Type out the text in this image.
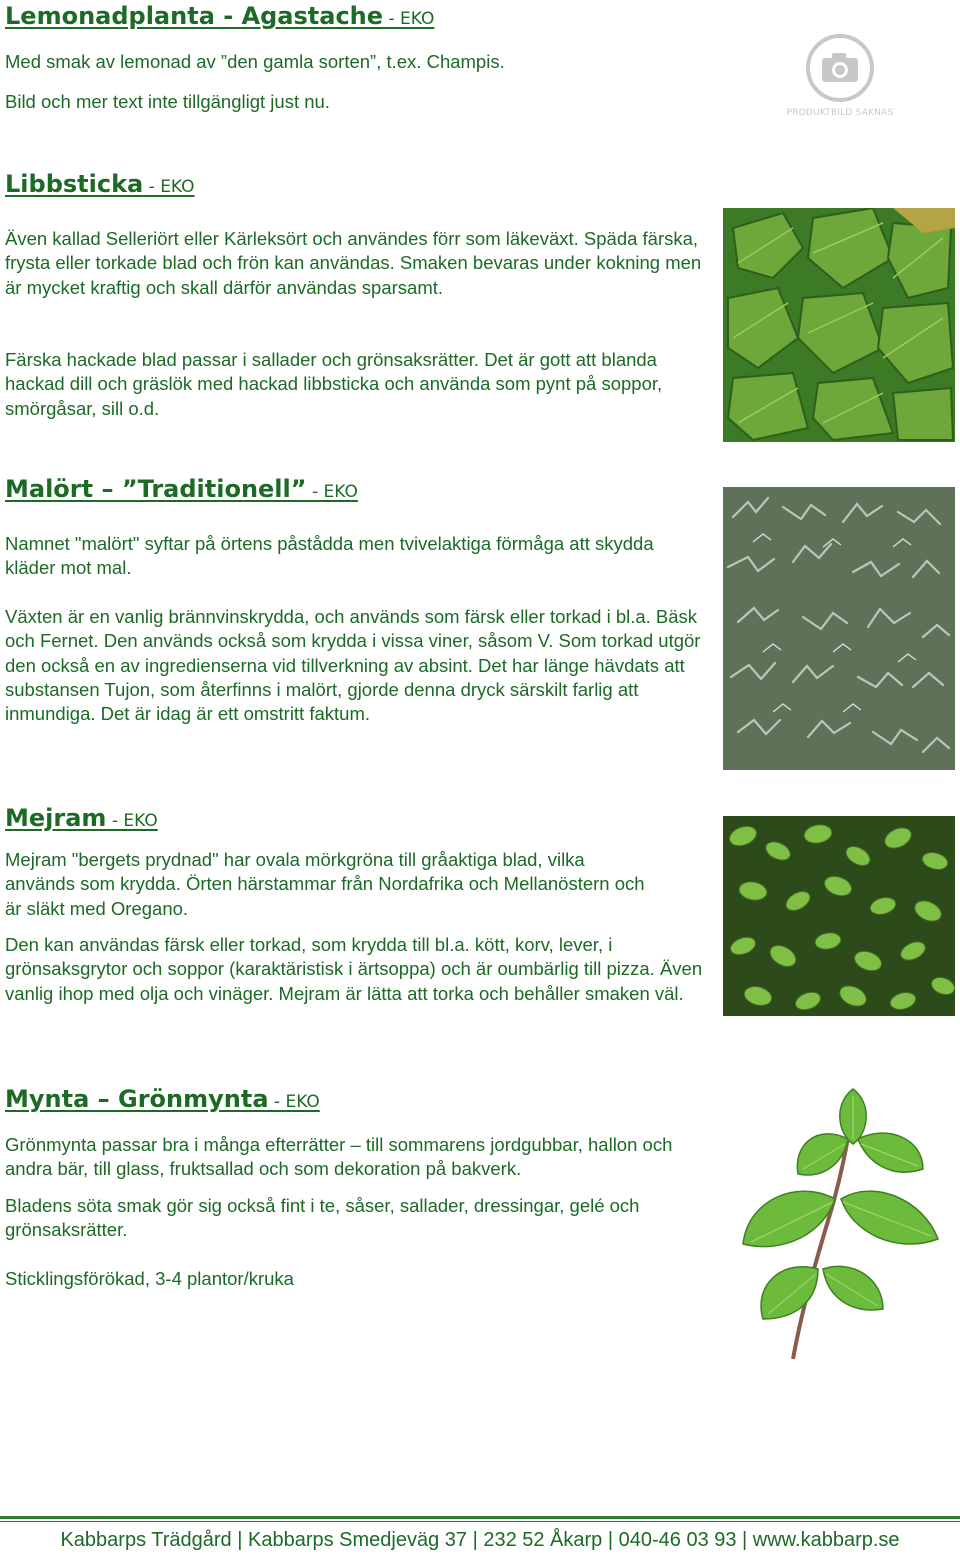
Lemonadplanta - Agastache - EKO
Med smak av lemonad av ”den gamla sorten”, t.ex. Champis.
Bild och mer text inte tillgängligt just nu.
PRODUKTBILD SAKNAS
Libbsticka - EKO
Även kallad Selleriört eller Kärleksört och användes förr som läkeväxt. Späda färska, frysta eller torkade blad och frön kan användas. Smaken bevaras under kokning men är mycket kraftig och skall därför användas sparsamt.
Färska hackade blad passar i sallader och grönsaksrätter. Det är gott att blanda hackad dill och gräslök med hackad libbsticka och använda som pynt på soppor, smörgåsar, sill o.d.
Malört – ”Traditionell” - EKO
Namnet "malört" syftar på örtens påstådda men tvivelaktiga förmåga att skydda kläder mot mal.
Växten är en vanlig brännvinskrydda, och används som färsk eller torkad i bl.a. Bäsk och Fernet. Den används också som krydda i vissa viner, såsom V. Som torkad utgör den också en av ingredienserna vid tillverkning av absint. Det har länge hävdats att substansen Tujon, som återfinns i malört, gjorde denna dryck särskilt farlig att inmundiga. Det är idag är ett omstritt faktum.
Mejram - EKO
Mejram "bergets prydnad" har ovala mörkgröna till gråaktiga blad, vilka används som krydda. Örten härstammar från Nordafrika och Mellanöstern och är släkt med Oregano.
Den kan användas färsk eller torkad, som krydda till bl.a. kött, korv, lever, i grönsaksgrytor och soppor (karaktäristisk i ärtsoppa) och är oumbärlig till pizza. Även vanlig ihop med olja och vinäger. Mejram är lätta att torka och behåller smaken väl.
Mynta – Grönmynta - EKO
Grönmynta passar bra i många efterrätter – till sommarens jordgubbar, hallon och andra bär, till glass, fruktsallad och som dekoration på bakverk.
Bladens söta smak gör sig också fint i te, såser, sallader, dressingar, gelé och grönsaksrätter.
Sticklingsförökad, 3-4 plantor/kruka
Kabbarps Trädgård | Kabbarps Smedjeväg 37 | 232 52 Åkarp | 040-46 03 93 | www.kabbarp.se
